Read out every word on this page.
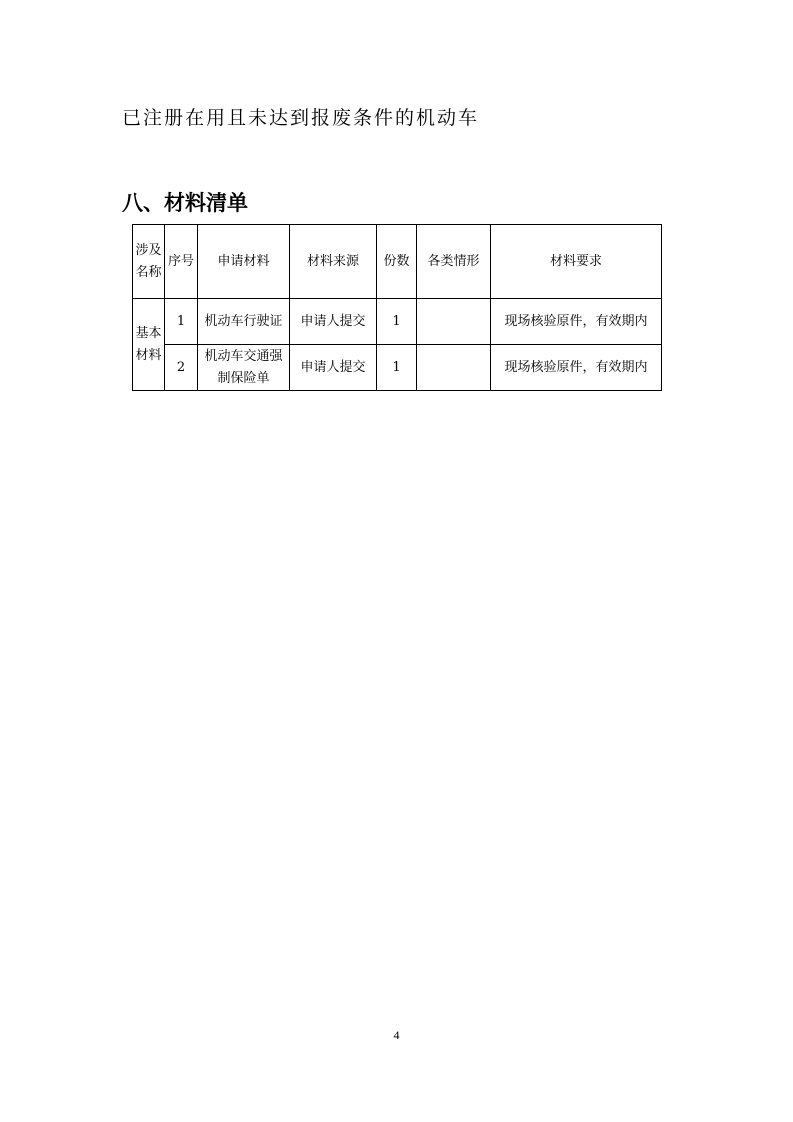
已注册在用且未达到报废条件的机动车
八、材料清单
涉及名称	序号	申请材料	材料来源	份数	各类情形	材料要求
基本材料	1	机动车行驶证	申请人提交	1		现场核验原件，有效期内
	2	机动车交通强制保险单	申请人提交	1		现场核验原件，有效期内
4
